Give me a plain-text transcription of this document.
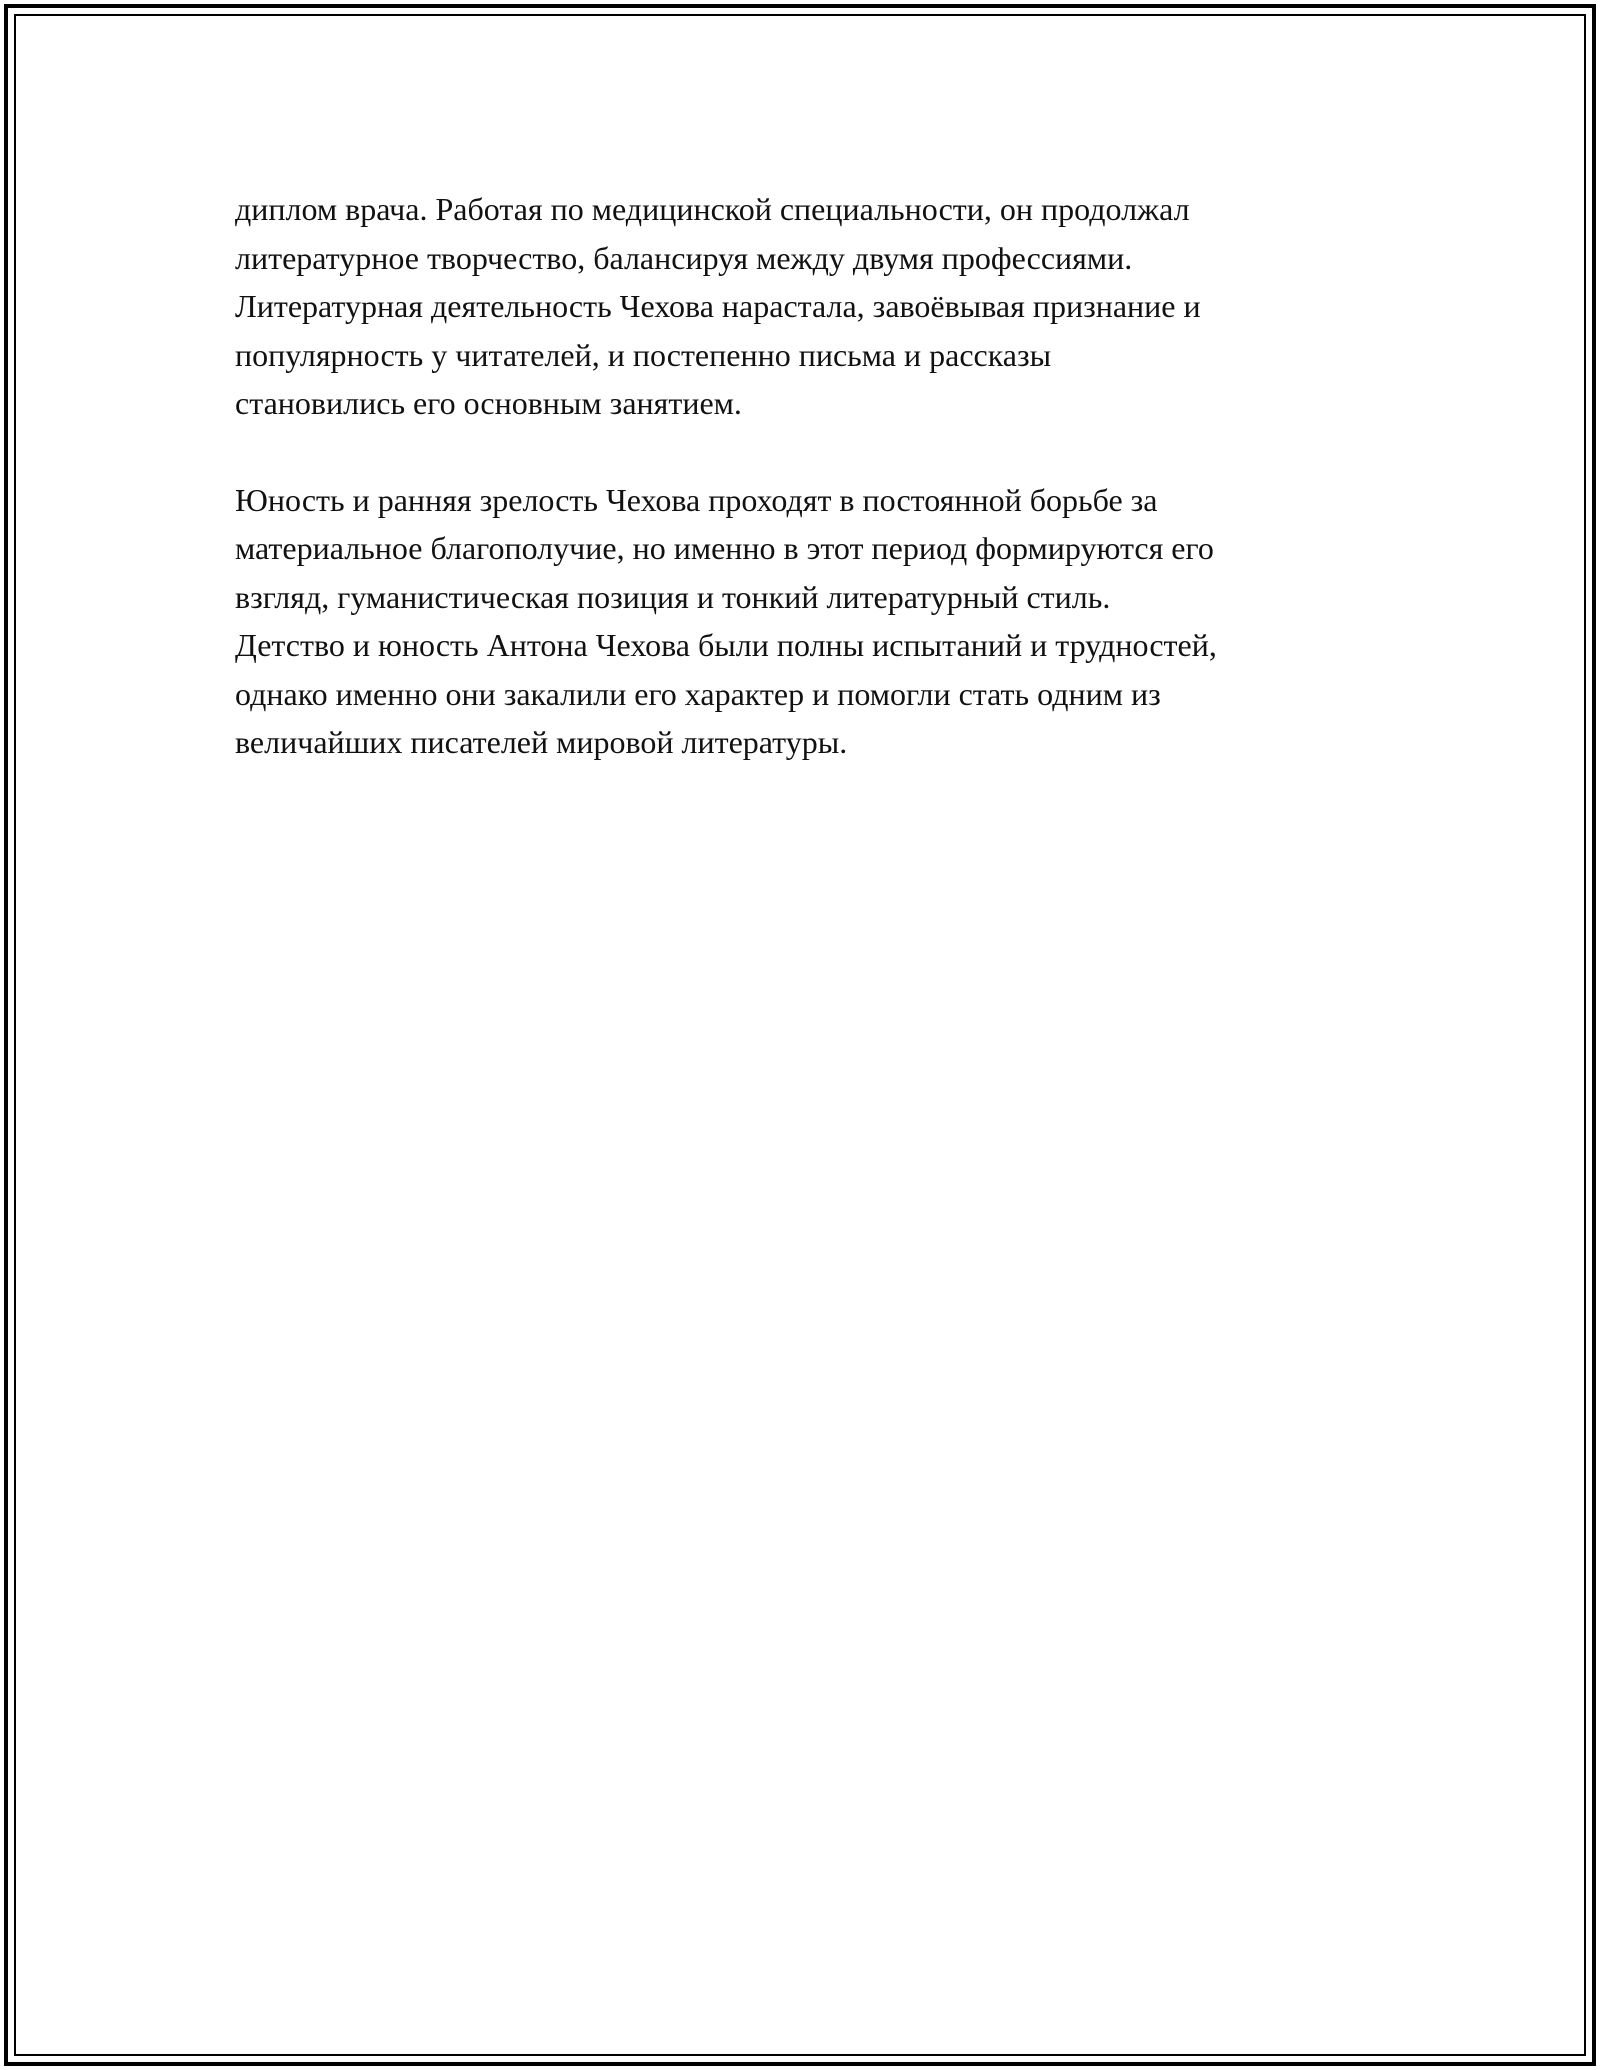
диплом врача. Работая по медицинской специальности, он продолжал
литературное творчество, балансируя между двумя профессиями.
Литературная деятельность Чехова нарастала, завоёвывая признание и
популярность у читателей, и постепенно письма и рассказы
становились его основным занятием.

Юность и ранняя зрелость Чехова проходят в постоянной борьбе за
материальное благополучие, но именно в этот период формируются его
взгляд, гуманистическая позиция и тонкий литературный стиль.
Детство и юность Антона Чехова были полны испытаний и трудностей,
однако именно они закалили его характер и помогли стать одним из
величайших писателей мировой литературы.
